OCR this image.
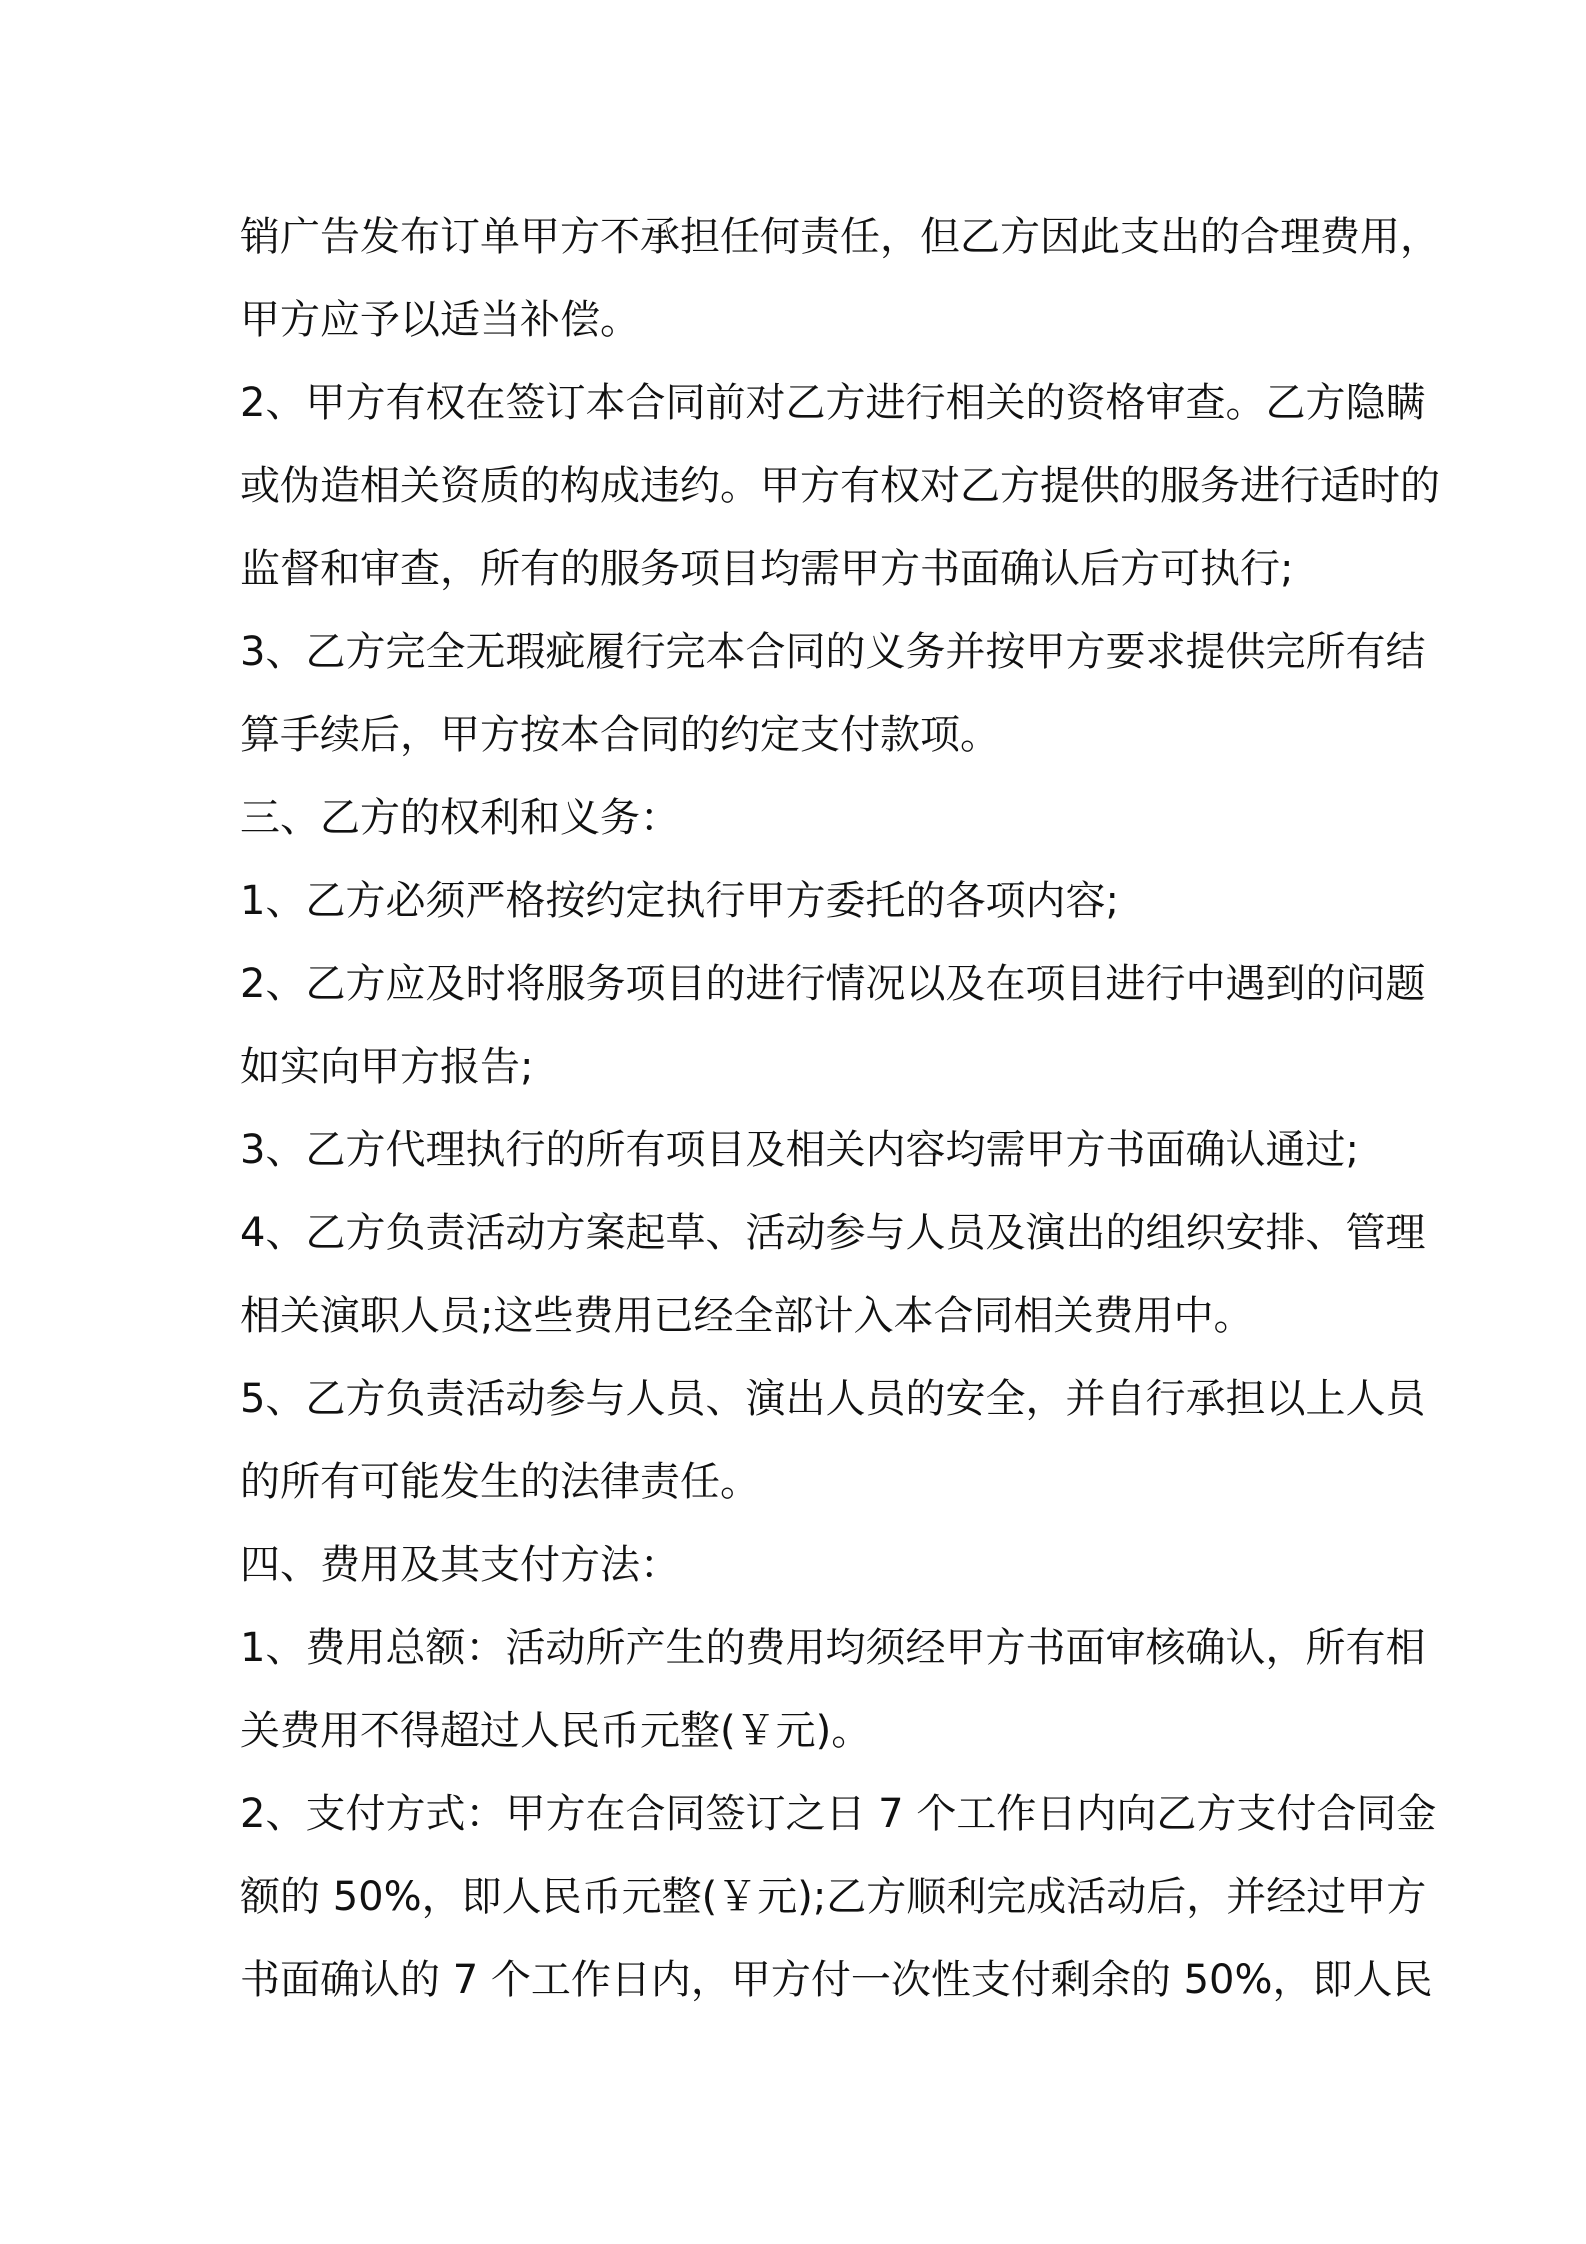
销广告发布订单甲方不承担任何责任，但乙方因此支出的合理费用，
甲方应予以适当补偿。
2、甲方有权在签订本合同前对乙方进行相关的资格审查。乙方隐瞒
或伪造相关资质的构成违约。甲方有权对乙方提供的服务进行适时的
监督和审查，所有的服务项目均需甲方书面确认后方可执行;
3、乙方完全无瑕疵履行完本合同的义务并按甲方要求提供完所有结
算手续后，甲方按本合同的约定支付款项。
三、乙方的权利和义务：
1、乙方必须严格按约定执行甲方委托的各项内容;
2、乙方应及时将服务项目的进行情况以及在项目进行中遇到的问题
如实向甲方报告;
3、乙方代理执行的所有项目及相关内容均需甲方书面确认通过;
4、乙方负责活动方案起草、活动参与人员及演出的组织安排、管理
相关演职人员;这些费用已经全部计入本合同相关费用中。
5、乙方负责活动参与人员、演出人员的安全，并自行承担以上人员
的所有可能发生的法律责任。
四、费用及其支付方法：
1、费用总额：活动所产生的费用均须经甲方书面审核确认，所有相
关费用不得超过人民币元整(￥元)。
2、支付方式：甲方在合同签订之日 7 个工作日内向乙方支付合同金
额的 50%，即人民币元整(￥元);乙方顺利完成活动后，并经过甲方
书面确认的 7 个工作日内，甲方付一次性支付剩余的 50%，即人民
